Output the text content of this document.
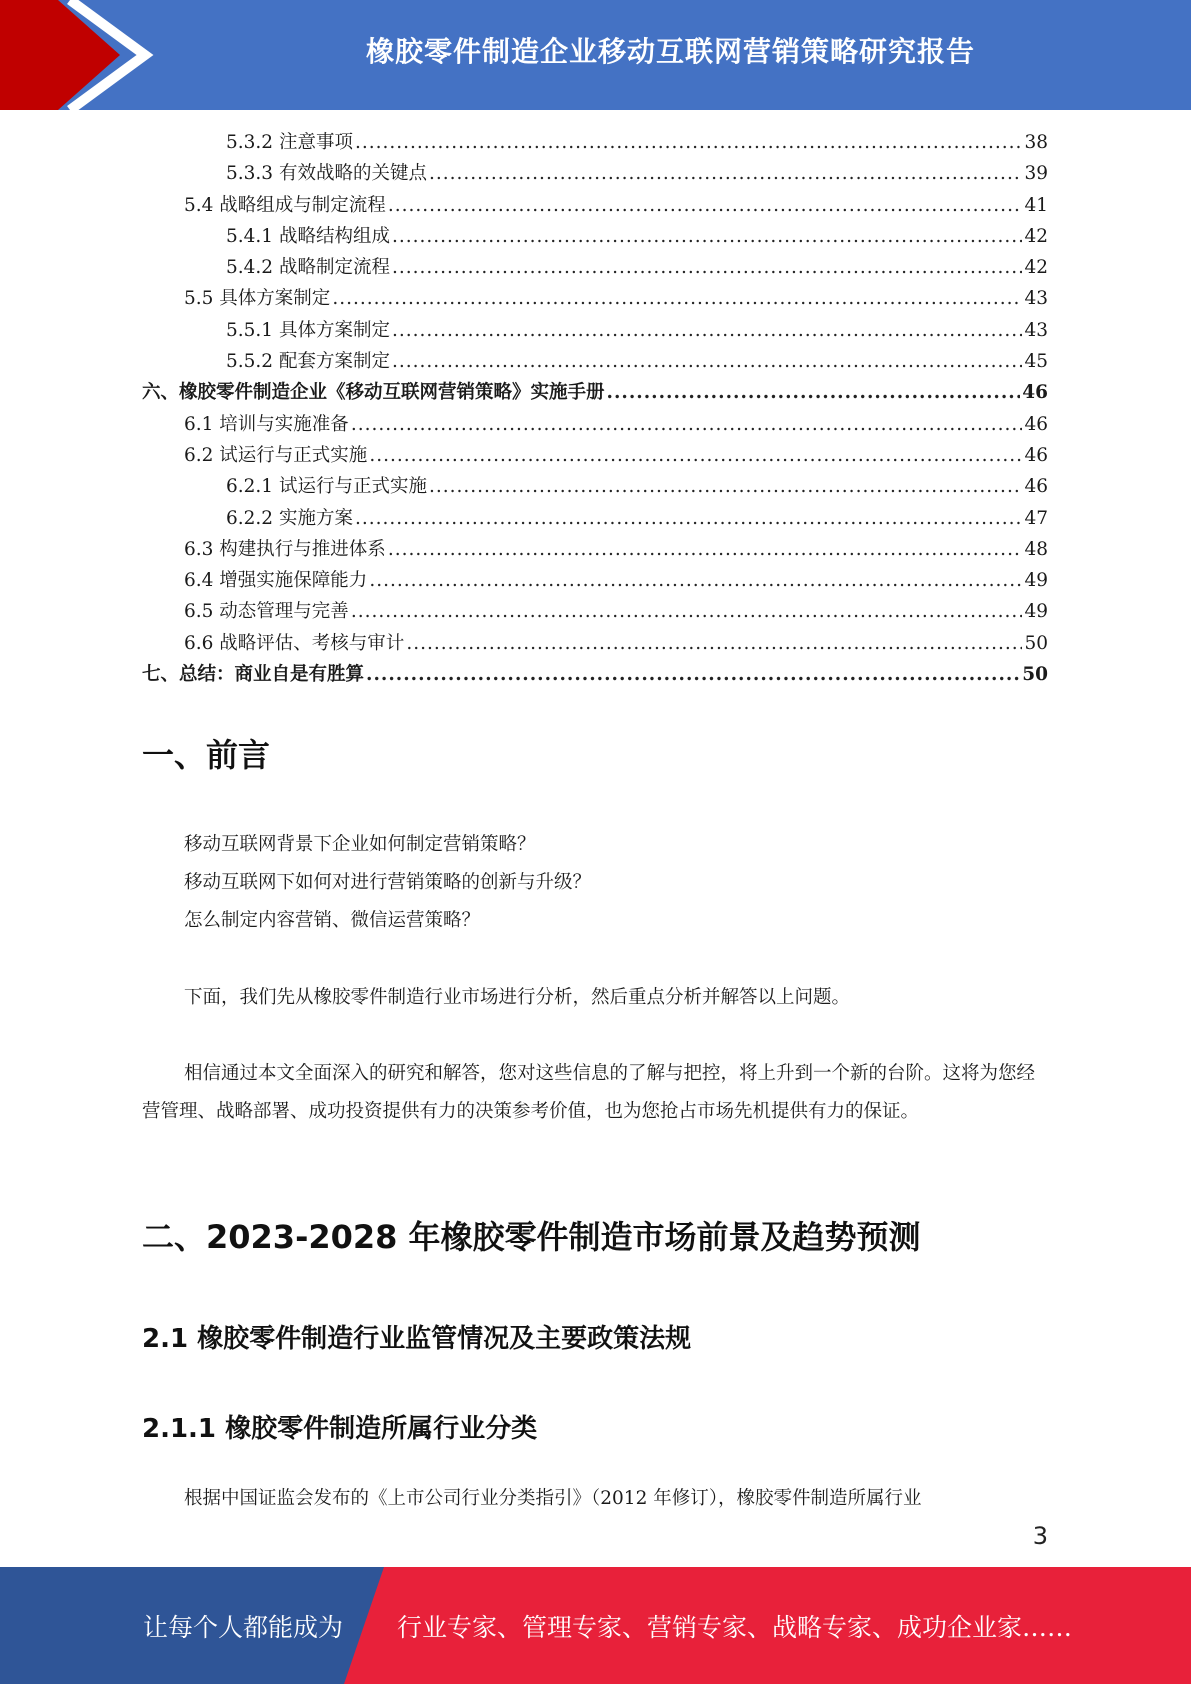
橡胶零件制造企业移动互联网营销策略研究报告
5.3.2 注意事项 .....	38
5.3.3 有效战略的关键点 .....	39
5.4 战略组成与制定流程 .....	41
5.4.1 战略结构组成 .....	42
5.4.2 战略制定流程 .....	42
5.5 具体方案制定 .....	43
5.5.1 具体方案制定 .....	43
5.5.2 配套方案制定 .....	45
六、橡胶零件制造企业《移动互联网营销策略》实施手册 .....	46
6.1 培训与实施准备 .....	46
6.2 试运行与正式实施 .....	46
6.2.1 试运行与正式实施 .....	46
6.2.2 实施方案 .....	47
6.3 构建执行与推进体系 .....	48
6.4 增强实施保障能力 .....	49
6.5 动态管理与完善 .....	49
6.6 战略评估、考核与审计 .....	50
七、总结：商业自是有胜算 .....	50
一、前言

移动互联网背景下企业如何制定营销策略？

移动互联网下如何对进行营销策略的创新与升级？

怎么制定内容营销、微信运营策略？

下面，我们先从橡胶零件制造行业市场进行分析，然后重点分析并解答以上问题。

相信通过本文全面深入的研究和解答，您对这些信息的了解与把控，将上升到一个新的台阶。这将为您经营管理、战略部署、成功投资提供有力的决策参考价值，也为您抢占市场先机提供有力的保证。

二、2023-2028 年橡胶零件制造市场前景及趋势预测
2.1 橡胶零件制造行业监管情况及主要政策法规
2.1.1 橡胶零件制造所属行业分类

根据中国证监会发布的《上市公司行业分类指引》（2012 年修订），橡胶零件制造所属行业

3
让每个人都能成为 行业专家、管理专家、营销专家、战略专家、成功企业家……
